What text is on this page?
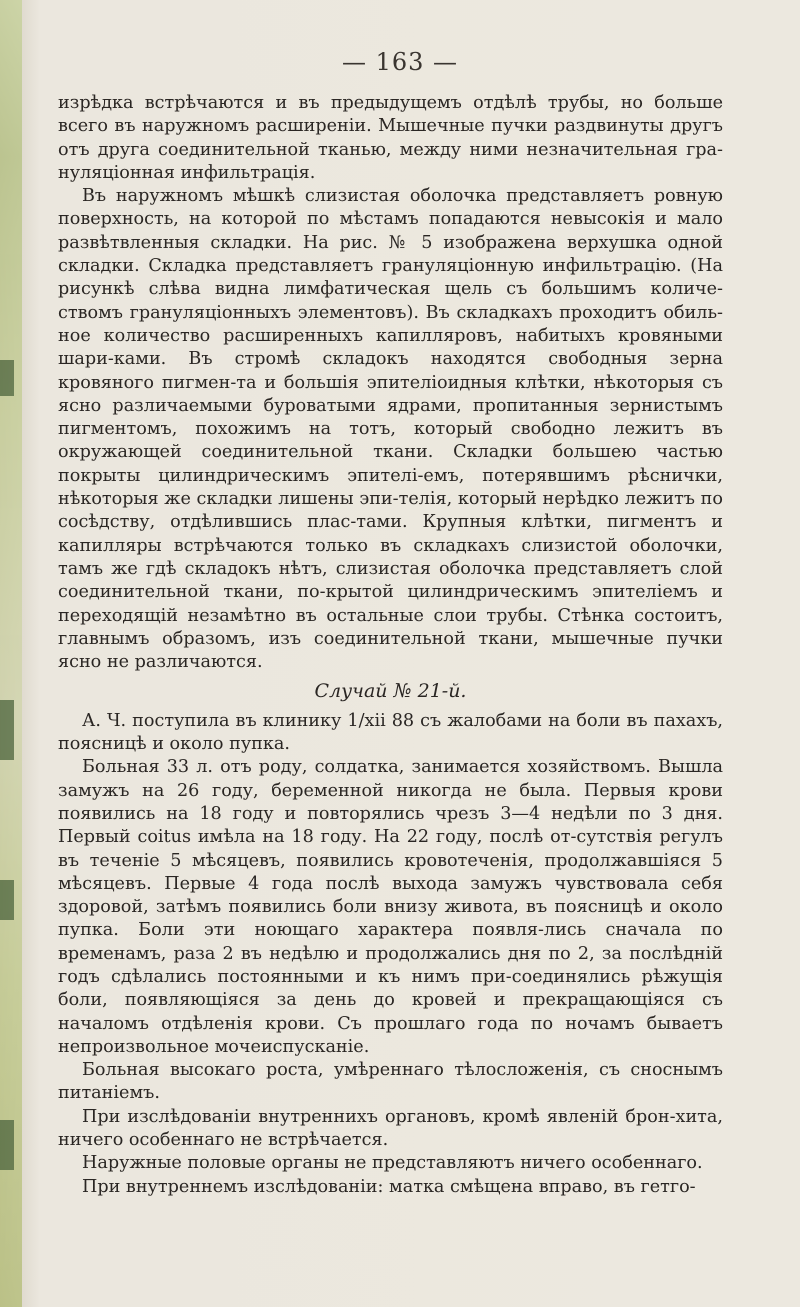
— 163 —

изрѣдка встрѣчаются и въ предыдущемъ отдѣлѣ трубы, но больше всего въ наружномъ расширеніи. Мышечные пучки раздвинуты другъ отъ друга соединительной тканью, между ними незначительная гра-нуляціонная инфильтрація.

Въ наружномъ мѣшкѣ слизистая оболочка представляетъ ровную поверхность, на которой по мѣстамъ попадаются невысокія и мало развѣтвленныя складки. На рис. № 5 изображена верхушка одной складки. Складка представляетъ грануляціонную инфильтрацію. (На рисункѣ слѣва видна лимфатическая щель съ большимъ количе-ствомъ грануляціонныхъ элементовъ). Въ складкахъ проходитъ обиль-ное количество расширенныхъ капилляровъ, набитыхъ кровяными шари-ками. Въ стромѣ складокъ находятся свободныя зерна кровяного пигмен-та и большія эпителіоидныя клѣтки, нѣкоторыя съ ясно различаемыми буроватыми ядрами, пропитанныя зернистымъ пигментомъ, похожимъ на тотъ, который свободно лежитъ въ окружающей соединительной ткани. Складки большею частью покрыты цилиндрическимъ эпителі-емъ, потерявшимъ рѣснички, нѣкоторыя же складки лишены эпи-телія, который нерѣдко лежитъ по сосѣдству, отдѣлившись плас-тами. Крупныя клѣтки, пигментъ и капилляры встрѣчаются только въ складкахъ слизистой оболочки, тамъ же гдѣ складокъ нѣтъ, слизистая оболочка представляетъ слой соединительной ткани, по-крытой цилиндрическимъ эпителіемъ и переходящій незамѣтно въ остальные слои трубы. Стѣнка состоитъ, главнымъ образомъ, изъ соединительной ткани, мышечные пучки ясно не различаются.

Случай № 21-й.

А. Ч. поступила въ клинику 1/xii 88 съ жалобами на боли въ пахахъ, поясницѣ и около пупка.

Больная 33 л. отъ роду, солдатка, занимается хозяйствомъ. Вышла замужъ на 26 году, беременной никогда не была. Первыя крови появились на 18 году и повторялись чрезъ 3—4 недѣли по 3 дня. Первый coitus имѣла на 18 году. На 22 году, послѣ от-сутствія регулъ въ теченіе 5 мѣсяцевъ, появились кровотеченія, продолжавшіяся 5 мѣсяцевъ. Первые 4 года послѣ выхода замужъ чувствовала себя здоровой, затѣмъ появились боли внизу живота, въ поясницѣ и около пупка. Боли эти ноющаго характера появля-лись сначала по временамъ, раза 2 въ недѣлю и продолжались дня по 2, за послѣдній годъ сдѣлались постоянными и къ нимъ при-соединялись рѣжущія боли, появляющіяся за день до кровей и прекращающіяся съ началомъ отдѣленія крови. Съ прошлаго года по ночамъ бываетъ непроизвольное мочеиспусканіе.

Больная высокаго роста, умѣреннаго тѣлосложенія, съ сноснымъ питаніемъ.

При изслѣдованіи внутреннихъ органовъ, кромѣ явленій брон-хита, ничего особеннаго не встрѣчается.

Наружные половые органы не представляютъ ничего особеннаго.

При внутреннемъ изслѣдованіи: матка смѣщена вправо, въ гетго-
